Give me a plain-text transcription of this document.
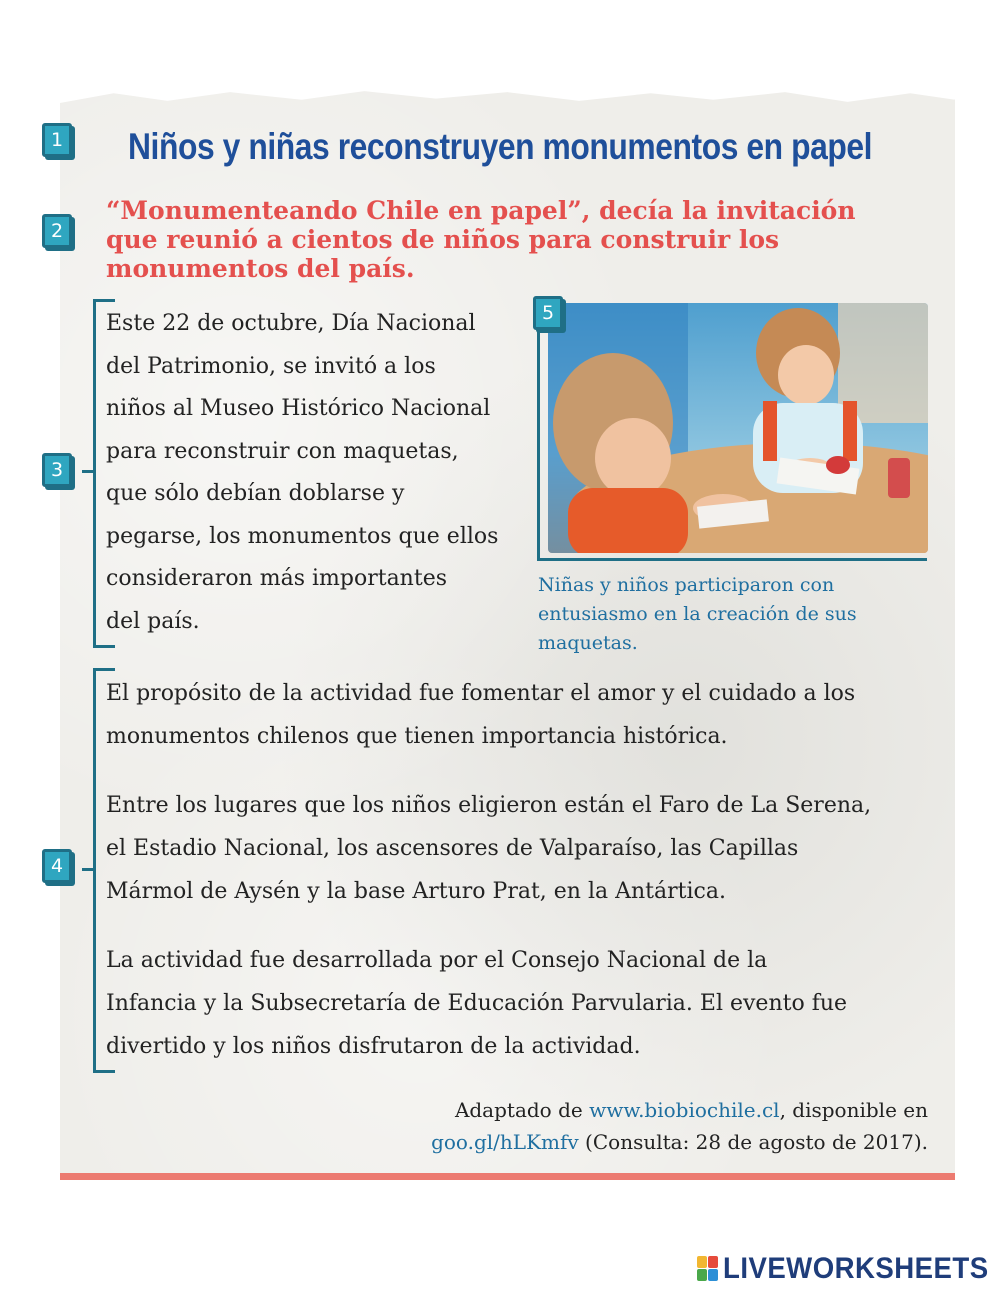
1
2
3
4
5
Niños y niñas reconstruyen monumentos en papel
“Monumenteando Chile en papel”, decía la invitación
que reunió a cientos de niños para construir los
monumentos del país.
Este 22 de octubre, Día Nacional
del Patrimonio, se invitó a los
niños al Museo Histórico Nacional
para reconstruir con maquetas,
que sólo debían doblarse y
pegarse, los monumentos que ellos
consideraron más importantes
del país.
Niñas y niños participaron con
entusiasmo en la creación de sus
maquetas.

El propósito de la actividad fue fomentar el amor y el cuidado a los
monumentos chilenos que tienen importancia histórica.

Entre los lugares que los niños eligieron están el Faro de La Serena,
el Estadio Nacional, los ascensores de Valparaíso, las Capillas
Mármol de Aysén y la base Arturo Prat, en la Antártica.

La actividad fue desarrollada por el Consejo Nacional de la
Infancia y la Subsecretaría de Educación Parvularia. El evento fue
divertido y los niños disfrutaron de la actividad.

Adaptado de www.biobiochile.cl, disponible en
goo.gl/hLKmfv (Consulta: 28 de agosto de 2017).
LIVEWORKSHEETS
